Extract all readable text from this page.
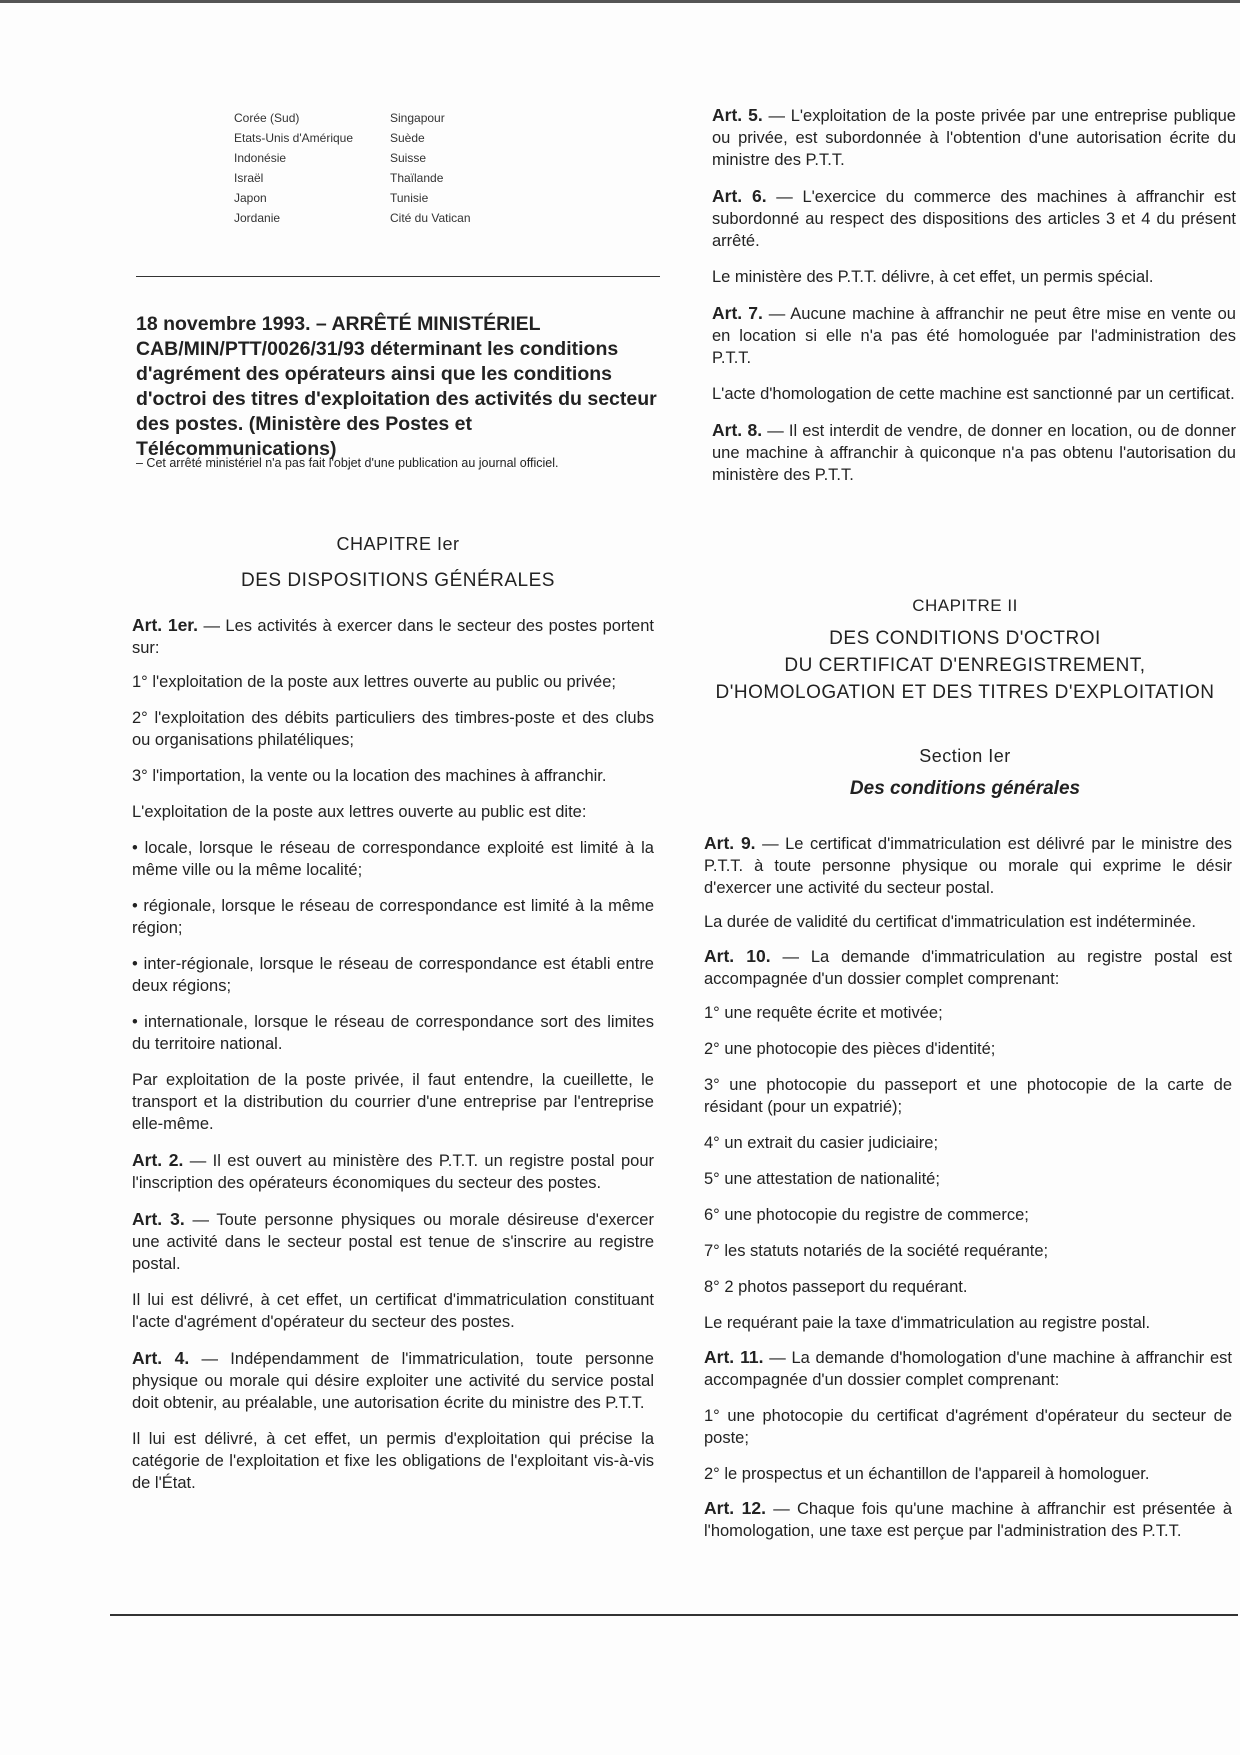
Corée (Sud)
Etats-Unis d'Amérique
Indonésie
Israël
Japon
Jordanie
Singapour
Suède
Suisse
Thaïlande
Tunisie
Cité du Vatican
18 novembre 1993. – ARRÊTÉ MINISTÉRIEL CAB/MIN/PTT/0026/31/93 déterminant les conditions d'agrément des opérateurs ainsi que les conditions d'octroi des titres d'exploitation des activités du secteur des postes. (Ministère des Postes et Télécommunications)
– Cet arrêté ministériel n'a pas fait l'objet d'une publication au journal officiel.
CHAPITRE Ier
DES DISPOSITIONS GÉNÉRALES

Art. 1er. — Les activités à exercer dans le secteur des postes portent sur:

1° l'exploitation de la poste aux lettres ouverte au public ou privée;

2° l'exploitation des débits particuliers des timbres-poste et des clubs ou organisations philatéliques;

3° l'importation, la vente ou la location des machines à affranchir.

L'exploitation de la poste aux lettres ouverte au public est dite:

• locale, lorsque le réseau de correspondance exploité est limité à la même ville ou la même localité;

• régionale, lorsque le réseau de correspondance est limité à la même région;

• inter-régionale, lorsque le réseau de correspondance est établi entre deux régions;

• internationale, lorsque le réseau de correspondance sort des limites du territoire national.

Par exploitation de la poste privée, il faut entendre, la cueillette, le transport et la distribution du courrier d'une entreprise par l'entreprise elle-même.

Art. 2. — Il est ouvert au ministère des P.T.T. un registre postal pour l'inscription des opérateurs économiques du secteur des postes.

Art. 3. — Toute personne physiques ou morale désireuse d'exercer une activité dans le secteur postal est tenue de s'inscrire au registre postal.

Il lui est délivré, à cet effet, un certificat d'immatriculation constituant l'acte d'agrément d'opérateur du secteur des postes.

Art. 4. — Indépendamment de l'immatriculation, toute personne physique ou morale qui désire exploiter une activité du service postal doit obtenir, au préalable, une autorisation écrite du ministre des P.T.T.

Il lui est délivré, à cet effet, un permis d'exploitation qui précise la catégorie de l'exploitation et fixe les obligations de l'exploitant vis-à-vis de l'État.

Art. 5. — L'exploitation de la poste privée par une entreprise publique ou privée, est subordonnée à l'obtention d'une autorisation écrite du ministre des P.T.T.

Art. 6. — L'exercice du commerce des machines à affranchir est subordonné au respect des dispositions des articles 3 et 4 du présent arrêté.

Le ministère des P.T.T. délivre, à cet effet, un permis spécial.

Art. 7. — Aucune machine à affranchir ne peut être mise en vente ou en location si elle n'a pas été homologuée par l'administration des P.T.T.

L'acte d'homologation de cette machine est sanctionné par un certificat.

Art. 8. — Il est interdit de vendre, de donner en location, ou de donner une machine à affranchir à quiconque n'a pas obtenu l'autorisation du ministère des P.T.T.

CHAPITRE II
DES CONDITIONS D'OCTROI
DU CERTIFICAT D'ENREGISTREMENT,
D'HOMOLOGATION ET DES TITRES D'EXPLOITATION
Section Ier
Des conditions générales

Art. 9. — Le certificat d'immatriculation est délivré par le ministre des P.T.T. à toute personne physique ou morale qui exprime le désir d'exercer une activité du secteur postal.

La durée de validité du certificat d'immatriculation est indéterminée.

Art. 10. — La demande d'immatriculation au registre postal est accompagnée d'un dossier complet comprenant:

1° une requête écrite et motivée;

2° une photocopie des pièces d'identité;

3° une photocopie du passeport et une photocopie de la carte de résidant (pour un expatrié);

4° un extrait du casier judiciaire;

5° une attestation de nationalité;

6° une photocopie du registre de commerce;

7° les statuts notariés de la société requérante;

8° 2 photos passeport du requérant.

Le requérant paie la taxe d'immatriculation au registre postal.

Art. 11. — La demande d'homologation d'une machine à affranchir est accompagnée d'un dossier complet comprenant:

1° une photocopie du certificat d'agrément d'opérateur du secteur de poste;

2° le prospectus et un échantillon de l'appareil à homologuer.

Art. 12. — Chaque fois qu'une machine à affranchir est présentée à l'homologation, une taxe est perçue par l'administration des P.T.T.
